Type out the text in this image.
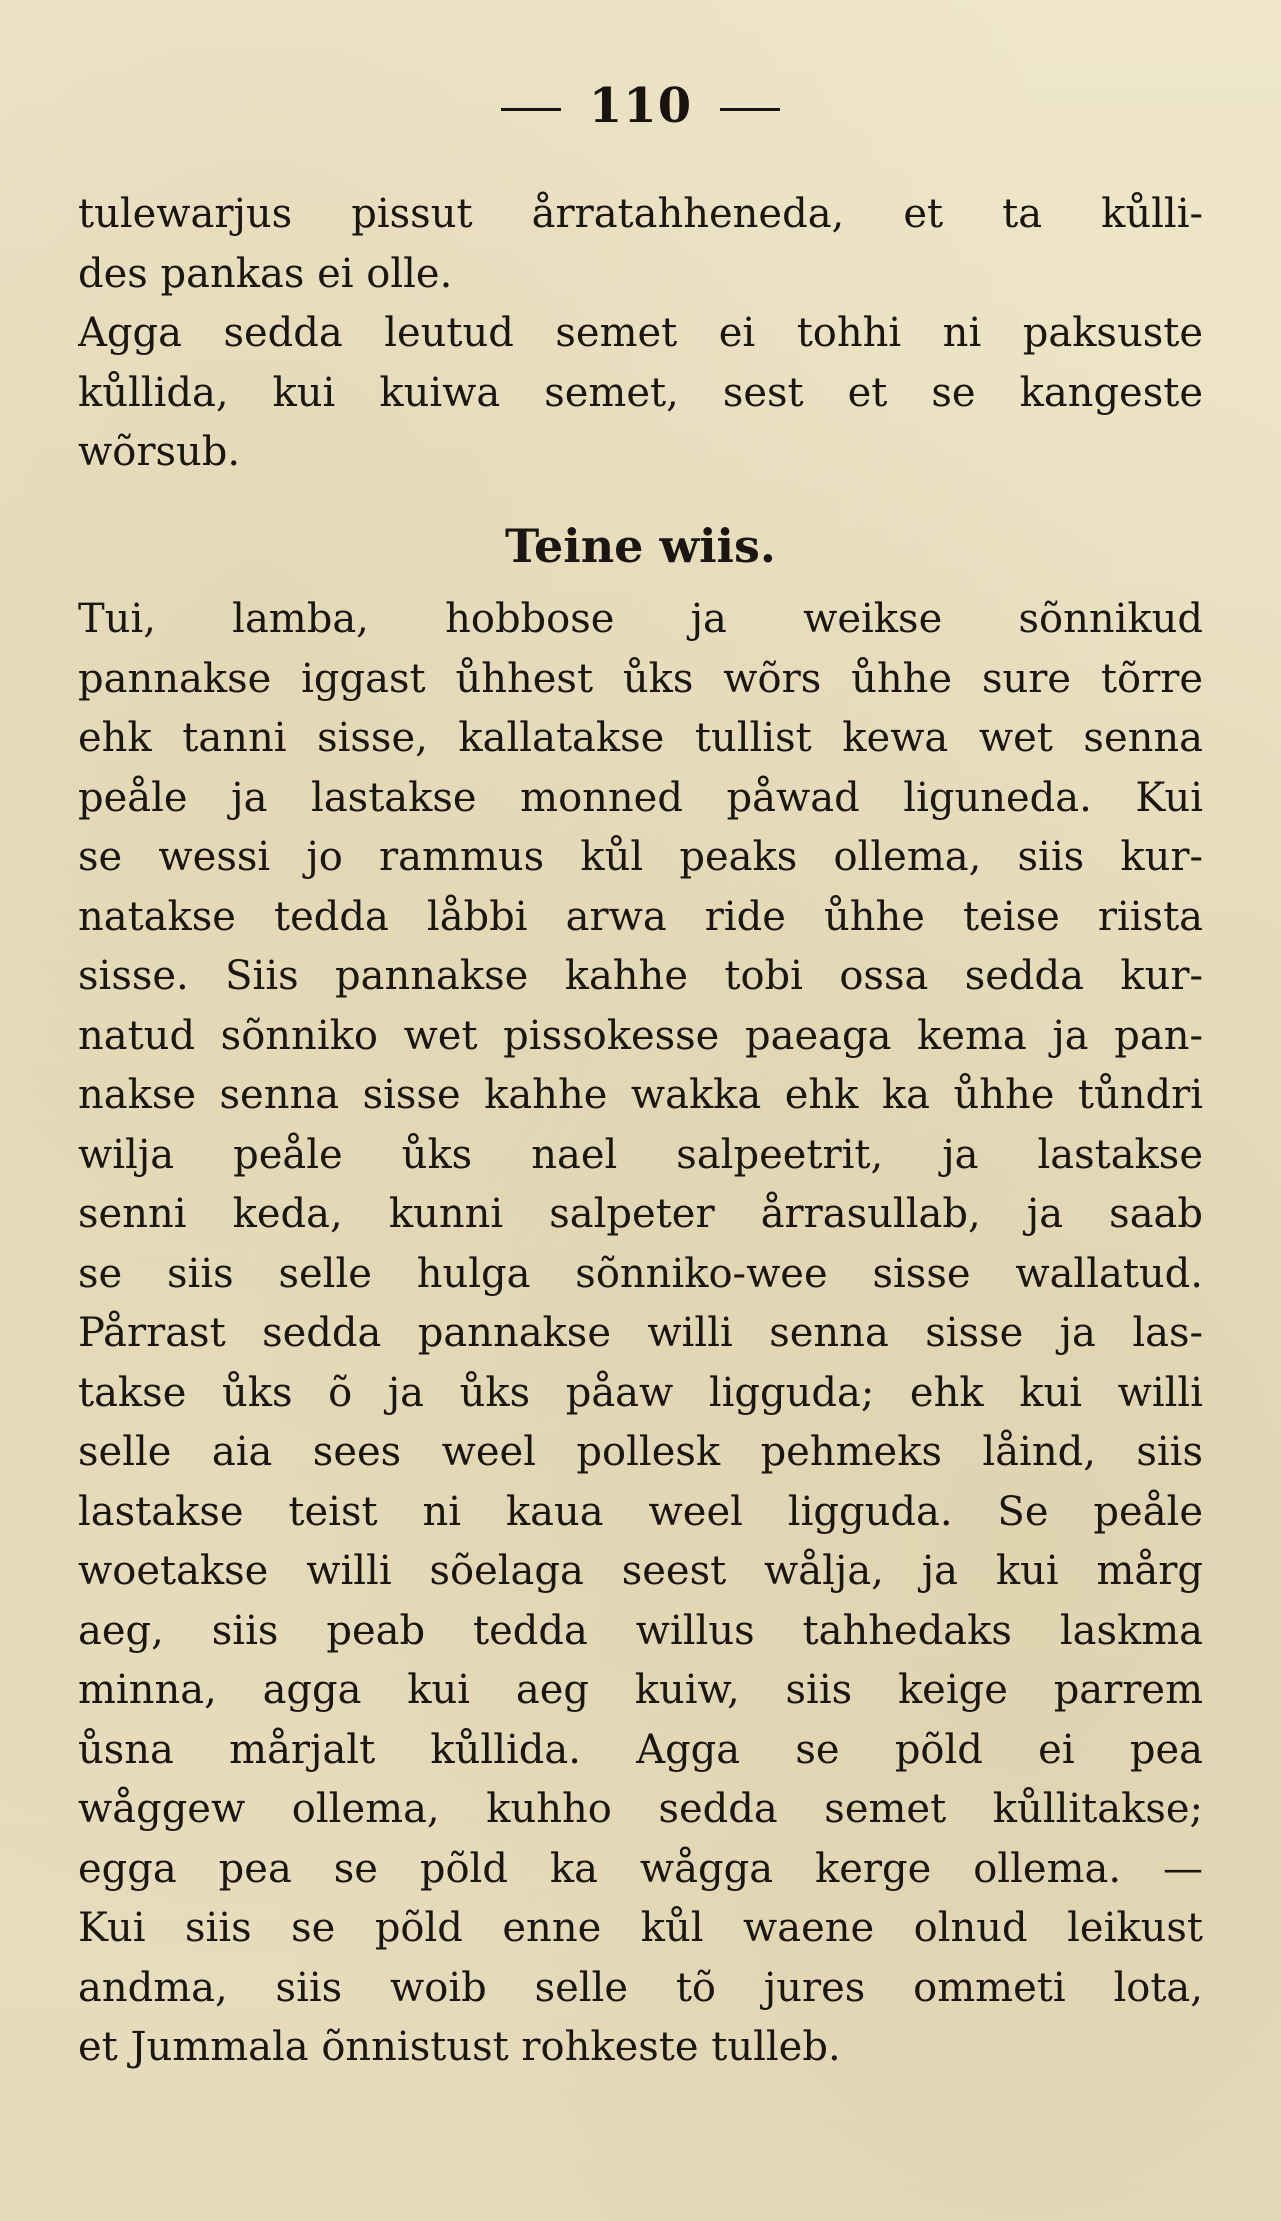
110
tulewarjus pissut årratahheneda, et ta kůlli-
des pankas ei olle.
Agga sedda leutud semet ei tohhi ni paksuste
kůllida, kui kuiwa semet, sest et se kangeste
wõrsub.
Teine wiis.
Tui, lamba, hobbose ja weikse sõnnikud
pannakse iggast ůhhest ůks wõrs ůhhe sure tõrre
ehk tanni sisse, kallatakse tullist kewa wet senna
peåle ja lastakse monned påwad liguneda. Kui
se wessi jo rammus kůl peaks ollema, siis kur-
natakse tedda låbbi arwa ride ůhhe teise riista
sisse. Siis pannakse kahhe tobi ossa sedda kur-
natud sõnniko wet pissokesse paeaga kema ja pan-
nakse senna sisse kahhe wakka ehk ka ůhhe tůndri
wilja peåle ůks nael salpeetrit, ja lastakse
senni keda, kunni salpeter årrasullab, ja saab
se siis selle hulga sõnniko-wee sisse wallatud.
Pårrast sedda pannakse willi senna sisse ja las-
takse ůks õ ja ůks påaw ligguda; ehk kui willi
selle aia sees weel pollesk pehmeks låind, siis
lastakse teist ni kaua weel ligguda. Se peåle
woetakse willi sõelaga seest wålja, ja kui mårg
aeg, siis peab tedda willus tahhedaks laskma
minna, agga kui aeg kuiw, siis keige parrem
ůsna mårjalt kůllida. Agga se põld ei pea
wåggew ollema, kuhho sedda semet kůllitakse;
egga pea se põld ka wågga kerge ollema. —
Kui siis se põld enne kůl waene olnud leikust
andma, siis woib selle tõ jures ommeti lota,
et Jummala õnnistust rohkeste tulleb.
